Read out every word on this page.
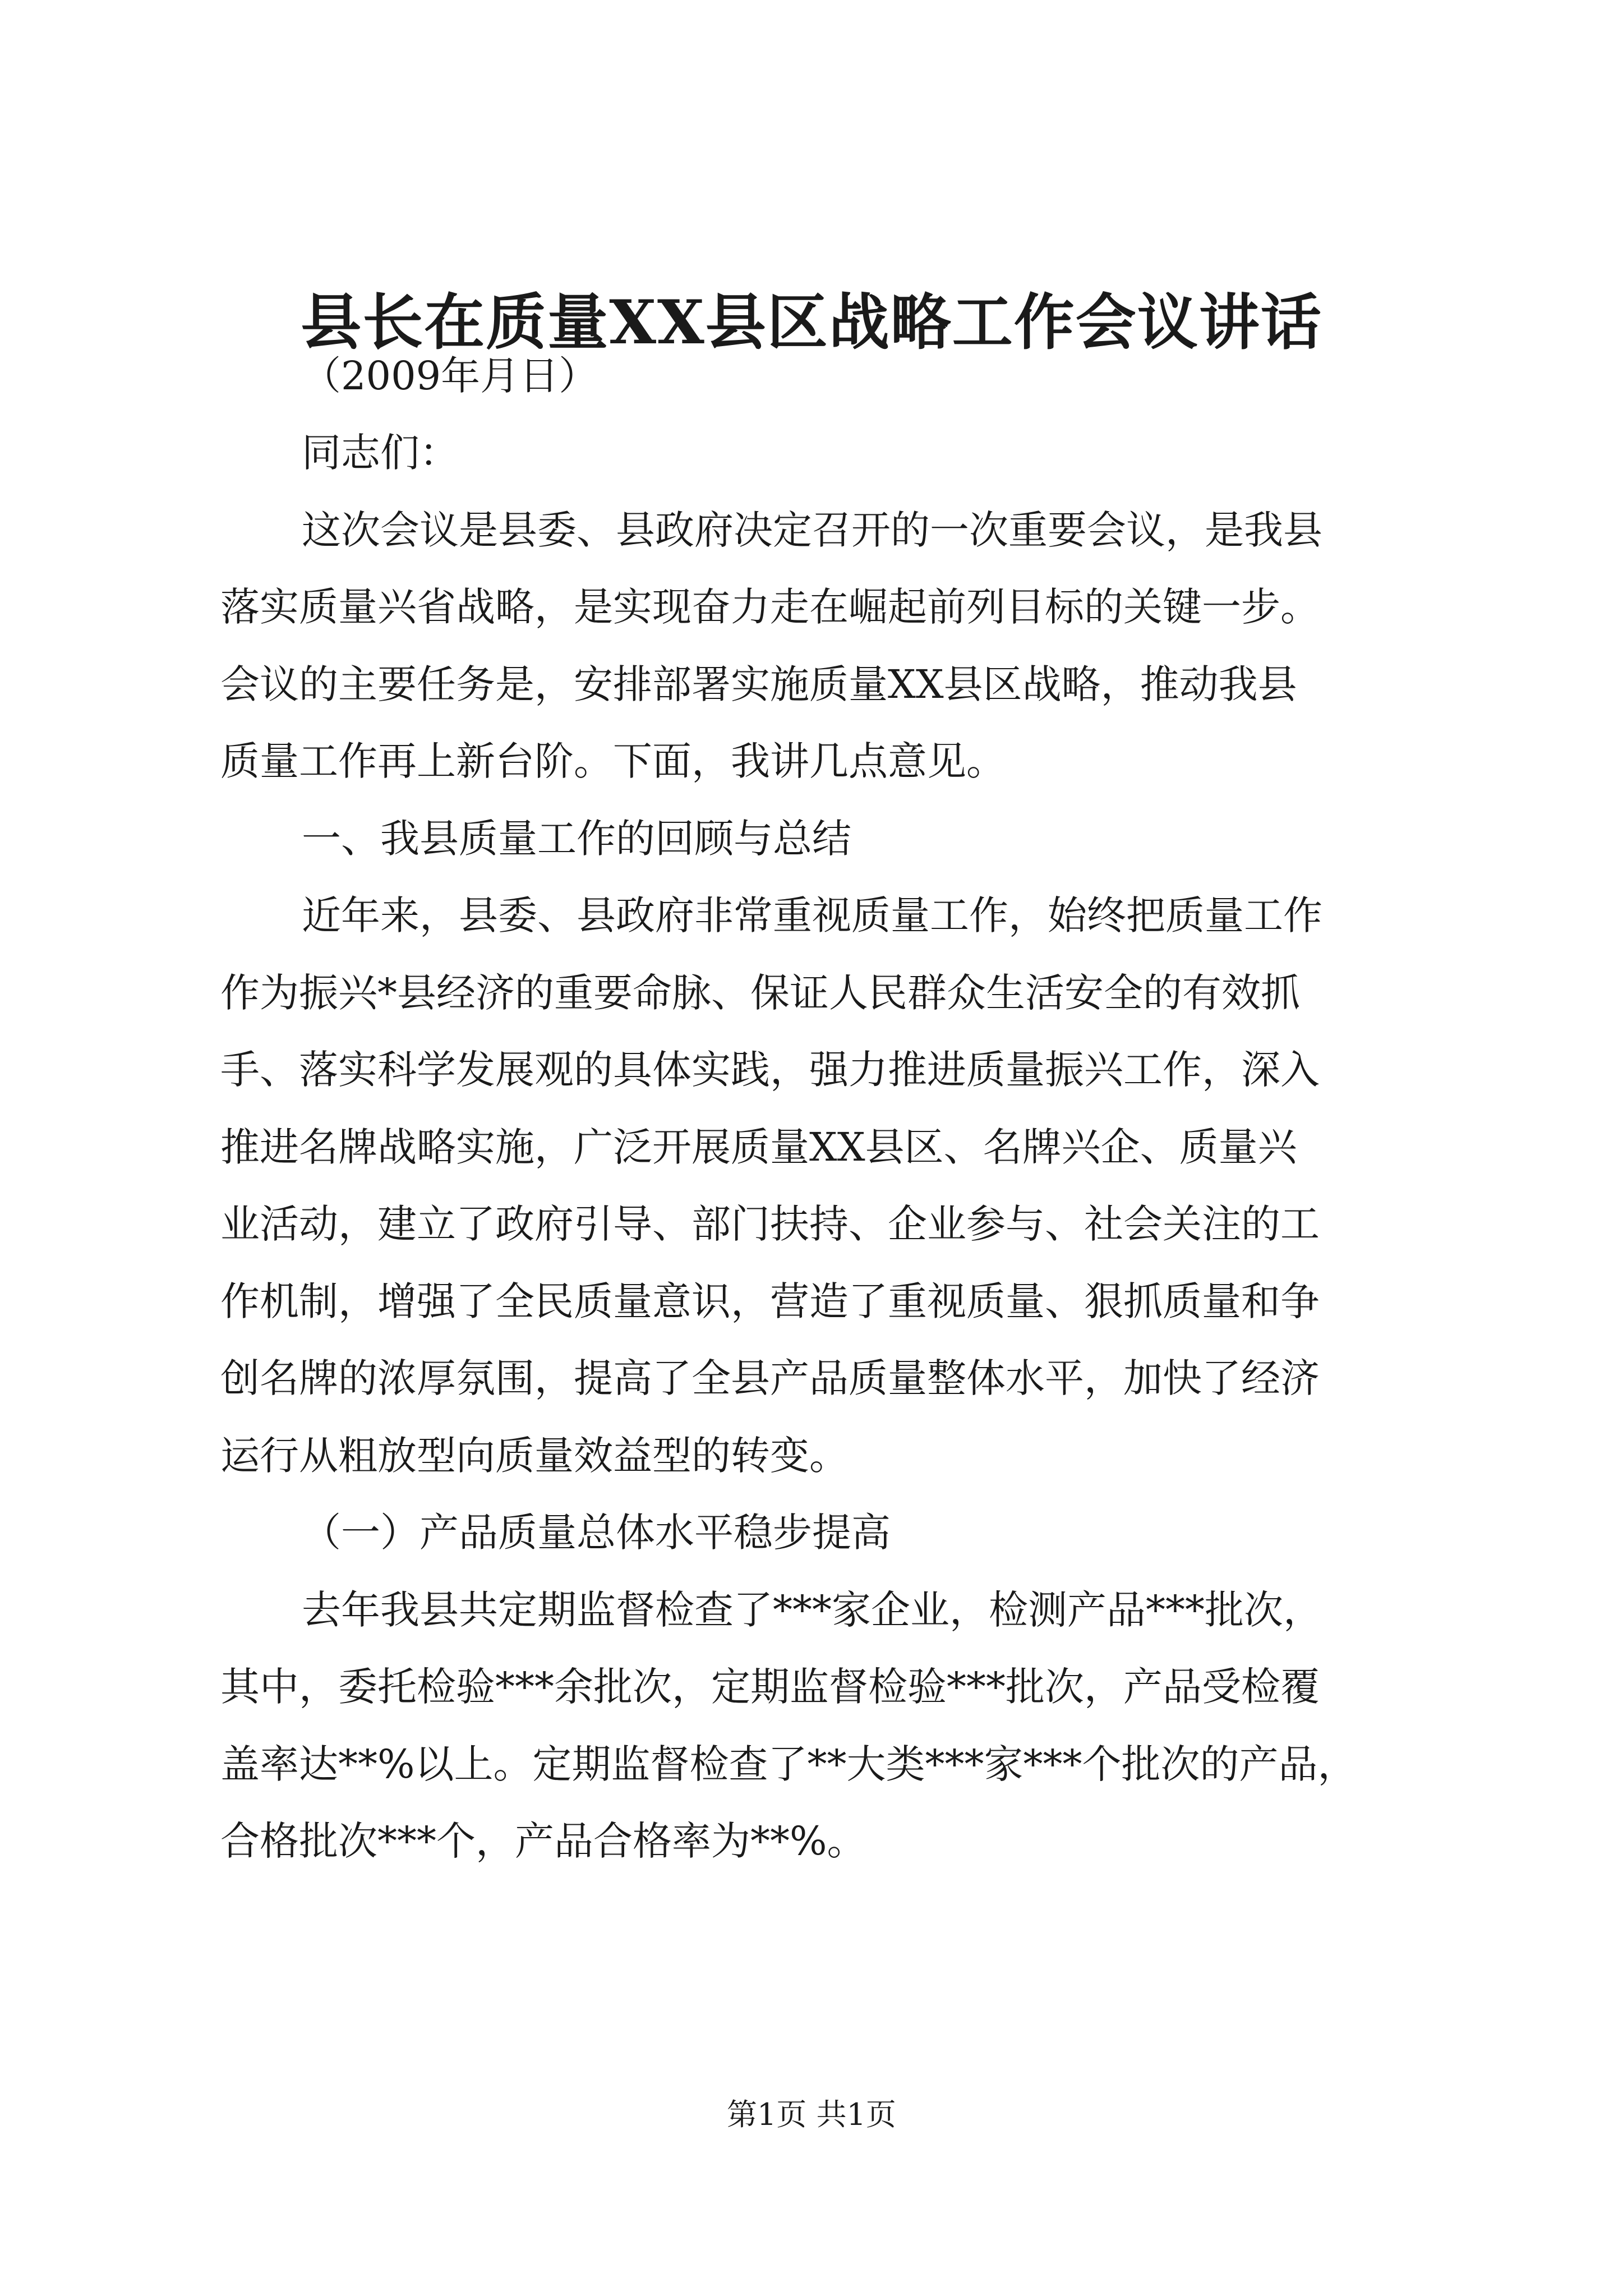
县长在质量XX县区战略工作会议讲话

（2009年月日）

同志们：

这次会议是县委、县政府决定召开的一次重要会议，是我县

落实质量兴省战略，是实现奋力走在崛起前列目标的关键一步。

会议的主要任务是，安排部署实施质量XX县区战略，推动我县

质量工作再上新台阶。下面，我讲几点意见。

一、我县质量工作的回顾与总结

近年来，县委、县政府非常重视质量工作，始终把质量工作

作为振兴*县经济的重要命脉、保证人民群众生活安全的有效抓

手、落实科学发展观的具体实践，强力推进质量振兴工作，深入

推进名牌战略实施，广泛开展质量XX县区、名牌兴企、质量兴

业活动，建立了政府引导、部门扶持、企业参与、社会关注的工

作机制，增强了全民质量意识，营造了重视质量、狠抓质量和争

创名牌的浓厚氛围，提高了全县产品质量整体水平，加快了经济

运行从粗放型向质量效益型的转变。

（一）产品质量总体水平稳步提高

去年我县共定期监督检查了***家企业，检测产品***批次，

其中，委托检验***余批次，定期监督检验***批次，产品受检覆

盖率达**%以上。定期监督检查了**大类***家***个批次的产品，

合格批次***个，产品合格率为**%。

第1页 共1页
